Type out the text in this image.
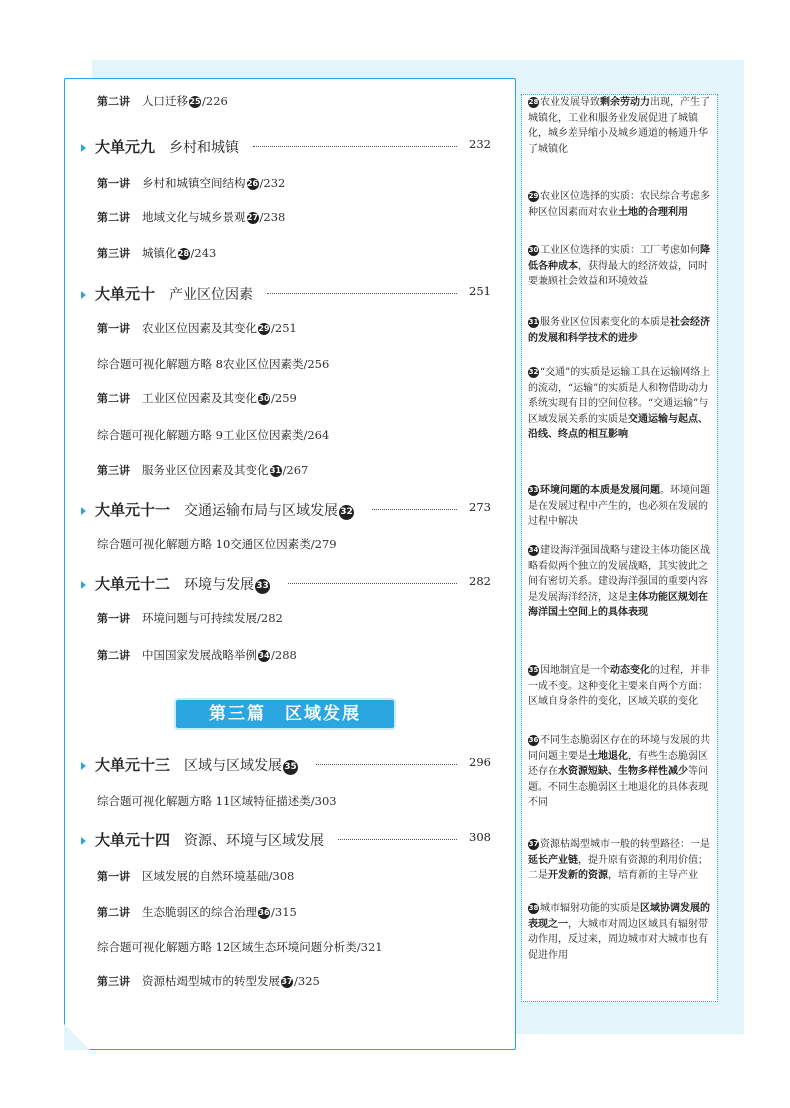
第二讲 人口迁移25/226
大单元九 乡村和城镇	232
第一讲 乡村和城镇空间结构26/232
第二讲 地域文化与城乡景观27/238
第三讲 城镇化28/243
大单元十 产业区位因素	251
第一讲 农业区位因素及其变化29/251
综合题可视化解题方略 8农业区位因素类/256
第二讲 工业区位因素及其变化30/259
综合题可视化解题方略 9工业区位因素类/264
第三讲 服务业区位因素及其变化31/267
大单元十一 交通运输布局与区域发展 32	273
综合题可视化解题方略 10交通区位因素类/279
大单元十二 环境与发展 33	282
第一讲 环境问题与可持续发展/282
第二讲 中国国家发展战略举例34/288
大单元十三 区域与区域发展 35	296
综合题可视化解题方略 11区域特征描述类/303
大单元十四 资源、环境与区域发展	308
第一讲 区域发展的自然环境基础/308
第二讲 生态脆弱区的综合治理36/315
综合题可视化解题方略 12区域生态环境问题分析类/321
第三讲 资源枯竭型城市的转型发展37/325
第三篇　区域发展
28 农业发展导致剩余劳动力出现，产生了城镇化，工业和服务业发展促进了城镇化，城乡差异缩小及城乡通道的畅通升华了城镇化
29 农业区位选择的实质：农民综合考虑多种区位因素而对农业土地的合理利用
30 工业区位选择的实质：工厂考虑如何降低各种成本，获得最大的经济效益，同时要兼顾社会效益和环境效益
31 服务业区位因素变化的本质是社会经济的发展和科学技术的进步
32 “交通”的实质是运输工具在运输网络上的流动，“运输”的实质是人和物借助动力系统实现有目的空间位移。“交通运输”与区域发展关系的实质是交通运输与起点、沿线、终点的相互影响
33 环境问题的本质是发展问题。环境问题是在发展过程中产生的，也必须在发展的过程中解决
34 建设海洋强国战略与建设主体功能区战略看似两个独立的发展战略，其实彼此之间有密切关系。建设海洋强国的重要内容是发展海洋经济，这是主体功能区规划在海洋国土空间上的具体表现
35 因地制宜是一个动态变化的过程，并非一成不变。这种变化主要来自两个方面：区域自身条件的变化，区域关联的变化
36 不同生态脆弱区存在的环境与发展的共同问题主要是土地退化，有些生态脆弱区还存在水资源短缺、生物多样性减少等问题。不同生态脆弱区土地退化的具体表现不同
37 资源枯竭型城市一般的转型路径：一是延长产业链，提升原有资源的利用价值；二是开发新的资源，培育新的主导产业
38 城市辐射功能的实质是区域协调发展的表现之一，大城市对周边区域具有辐射带动作用，反过来，周边城市对大城市也有促进作用
